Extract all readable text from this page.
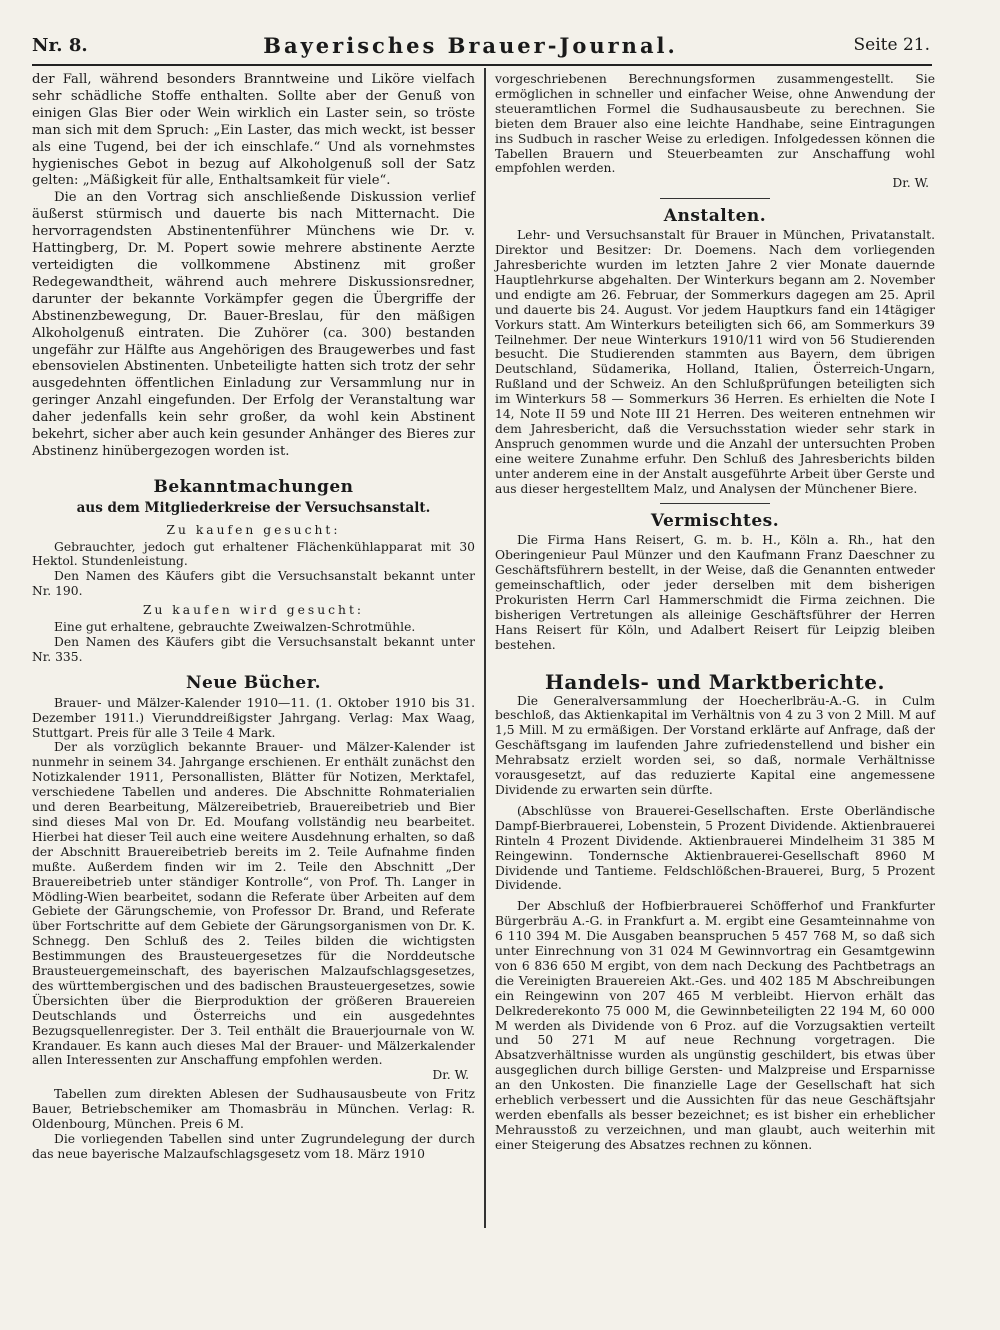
Nr. 8.	Bayerisches Brauer-Journal.	Seite 21.

der Fall, während besonders Branntweine und Liköre vielfach sehr schädliche Stoffe enthalten. Sollte aber der Genuß von einigen Glas Bier oder Wein wirklich ein Laster sein, so tröste man sich mit dem Spruch: „Ein Laster, das mich weckt, ist besser als eine Tugend, bei der ich einschlafe.“ Und als vornehmstes hygienisches Gebot in bezug auf Alkoholgenuß soll der Satz gelten: „Mäßigkeit für alle, Enthaltsamkeit für viele“.

Die an den Vortrag sich anschließende Diskussion verlief äußerst stürmisch und dauerte bis nach Mitternacht. Die hervorragendsten Abstinentenführer Münchens wie Dr. v. Hattingberg, Dr. M. Popert sowie mehrere abstinente Aerzte verteidigten die vollkommene Abstinenz mit großer Redegewandtheit, während auch mehrere Diskussionsredner, darunter der bekannte Vorkämpfer gegen die Übergriffe der Abstinenzbewegung, Dr. Bauer-Breslau, für den mäßigen Alkoholgenuß eintraten. Die Zuhörer (ca. 300) bestanden ungefähr zur Hälfte aus Angehörigen des Braugewerbes und fast ebensovielen Abstinenten. Unbeteiligte hatten sich trotz der sehr ausgedehnten öffentlichen Einladung zur Versammlung nur in geringer Anzahl eingefunden. Der Erfolg der Veranstaltung war daher jedenfalls kein sehr großer, da wohl kein Abstinent bekehrt, sicher aber auch kein gesunder Anhänger des Bieres zur Abstinenz hinübergezogen worden ist.

Bekanntmachungen
aus dem Mitgliederkreise der Versuchsanstalt.
Zu kaufen gesucht:

Gebrauchter, jedoch gut erhaltener Flächenkühlapparat mit 30 Hektol. Stundenleistung.

Den Namen des Käufers gibt die Versuchsanstalt bekannt unter Nr. 190.

Zu kaufen wird gesucht:

Eine gut erhaltene, gebrauchte Zweiwalzen-Schrotmühle.

Den Namen des Käufers gibt die Versuchsanstalt bekannt unter Nr. 335.

Neue Bücher.

Brauer- und Mälzer-Kalender 1910—11. (1. Oktober 1910 bis 31. Dezember 1911.) Vierunddreißigster Jahrgang. Verlag: Max Waag, Stuttgart. Preis für alle 3 Teile 4 Mark.

Der als vorzüglich bekannte Brauer- und Mälzer-Kalender ist nunmehr in seinem 34. Jahrgange erschienen. Er enthält zunächst den Notizkalender 1911, Personallisten, Blätter für Notizen, Merktafel, verschiedene Tabellen und anderes. Die Abschnitte Rohmaterialien und deren Bearbeitung, Mälzereibetrieb, Brauereibetrieb und Bier sind dieses Mal von Dr. Ed. Moufang vollständig neu bearbeitet. Hierbei hat dieser Teil auch eine weitere Ausdehnung erhalten, so daß der Abschnitt Brauereibetrieb bereits im 2. Teile Aufnahme finden mußte. Außerdem finden wir im 2. Teile den Abschnitt „Der Brauereibetrieb unter ständiger Kontrolle“, von Prof. Th. Langer in Mödling-Wien bearbeitet, sodann die Referate über Arbeiten auf dem Gebiete der Gärungschemie, von Professor Dr. Brand, und Referate über Fortschritte auf dem Gebiete der Gärungsorganismen von Dr. K. Schnegg. Den Schluß des 2. Teiles bilden die wichtigsten Bestimmungen des Brausteuergesetzes für die Norddeutsche Brausteuergemeinschaft, des bayerischen Malzaufschlagsgesetzes, des württembergischen und des badischen Brausteuergesetzes, sowie Übersichten über die Bierproduktion der größeren Brauereien Deutschlands und Österreichs und ein ausgedehntes Bezugsquellenregister. Der 3. Teil enthält die Brauerjournale von W. Krandauer. Es kann auch dieses Mal der Brauer- und Mälzerkalender allen Interessenten zur Anschaffung empfohlen werden.

Dr. W.

Tabellen zum direkten Ablesen der Sudhausausbeute von Fritz Bauer, Betriebschemiker am Thomasbräu in München. Verlag: R. Oldenbourg, München. Preis 6 M.

Die vorliegenden Tabellen sind unter Zugrundelegung der durch das neue bayerische Malzaufschlagsgesetz vom 18. März 1910

vorgeschriebenen Berechnungsformen zusammengestellt. Sie ermöglichen in schneller und einfacher Weise, ohne Anwendung der steueramtlichen Formel die Sudhausausbeute zu berechnen. Sie bieten dem Brauer also eine leichte Handhabe, seine Eintragungen ins Sudbuch in rascher Weise zu erledigen. Infolgedessen können die Tabellen Brauern und Steuerbeamten zur Anschaffung wohl empfohlen werden.

Dr. W.
Anstalten.

Lehr- und Versuchsanstalt für Brauer in München, Privatanstalt. Direktor und Besitzer: Dr. Doemens. Nach dem vorliegenden Jahresberichte wurden im letzten Jahre 2 vier Monate dauernde Hauptlehrkurse abgehalten. Der Winterkurs begann am 2. November und endigte am 26. Februar, der Sommerkurs dagegen am 25. April und dauerte bis 24. August. Vor jedem Hauptkurs fand ein 14tägiger Vorkurs statt. Am Winterkurs beteiligten sich 66, am Sommerkurs 39 Teilnehmer. Der neue Winterkurs 1910/11 wird von 56 Studierenden besucht. Die Studierenden stammten aus Bayern, dem übrigen Deutschland, Südamerika, Holland, Italien, Österreich-Ungarn, Rußland und der Schweiz. An den Schlußprüfungen beteiligten sich im Winterkurs 58 — Sommerkurs 36 Herren. Es erhielten die Note I 14, Note II 59 und Note III 21 Herren. Des weiteren entnehmen wir dem Jahresbericht, daß die Versuchsstation wieder sehr stark in Anspruch genommen wurde und die Anzahl der untersuchten Proben eine weitere Zunahme erfuhr. Den Schluß des Jahresberichts bilden unter anderem eine in der Anstalt ausgeführte Arbeit über Gerste und aus dieser hergestelltem Malz, und Analysen der Münchener Biere.

Vermischtes.

Die Firma Hans Reisert, G. m. b. H., Köln a. Rh., hat den Oberingenieur Paul Münzer und den Kaufmann Franz Daeschner zu Geschäftsführern bestellt, in der Weise, daß die Genannten entweder gemeinschaftlich, oder jeder derselben mit dem bisherigen Prokuristen Herrn Carl Hammerschmidt die Firma zeichnen. Die bisherigen Vertretungen als alleinige Geschäftsführer der Herren Hans Reisert für Köln, und Adalbert Reisert für Leipzig bleiben bestehen.

Handels- und Marktberichte.

Die Generalversammlung der Hoecherlbräu-A.-G. in Culm beschloß, das Aktienkapital im Verhältnis von 4 zu 3 von 2 Mill. M auf 1,5 Mill. M zu ermäßigen. Der Vorstand erklärte auf Anfrage, daß der Geschäftsgang im laufenden Jahre zufriedenstellend und bisher ein Mehrabsatz erzielt worden sei, so daß, normale Verhältnisse vorausgesetzt, auf das reduzierte Kapital eine angemessene Dividende zu erwarten sein dürfte.

(Abschlüsse von Brauerei-Gesellschaften. Erste Oberländische Dampf-Bierbrauerei, Lobenstein, 5 Prozent Dividende. Aktienbrauerei Rinteln 4 Prozent Dividende. Aktienbrauerei Mindelheim 31 385 M Reingewinn. Tondernsche Aktienbrauerei-Gesellschaft 8960 M Dividende und Tantieme. Feldschlößchen-Brauerei, Burg, 5 Prozent Dividende.

Der Abschluß der Hofbierbrauerei Schöfferhof und Frankfurter Bürgerbräu A.-G. in Frankfurt a. M. ergibt eine Gesamteinnahme von 6 110 394 M. Die Ausgaben beanspruchen 5 457 768 M, so daß sich unter Einrechnung von 31 024 M Gewinnvortrag ein Gesamtgewinn von 6 836 650 M ergibt, von dem nach Deckung des Pachtbetrags an die Vereinigten Brauereien Akt.-Ges. und 402 185 M Abschreibungen ein Reingewinn von 207 465 M verbleibt. Hiervon erhält das Delkrederekonto 75 000 M, die Gewinnbeteiligten 22 194 M, 60 000 M werden als Dividende von 6 Proz. auf die Vorzugsaktien verteilt und 50 271 M auf neue Rechnung vorgetragen. Die Absatzverhältnisse wurden als ungünstig geschildert, bis etwas über ausgeglichen durch billige Gersten- und Malzpreise und Ersparnisse an den Unkosten. Die finanzielle Lage der Gesellschaft hat sich erheblich verbessert und die Aussichten für das neue Geschäftsjahr werden ebenfalls als besser bezeichnet; es ist bisher ein erheblicher Mehrausstoß zu verzeichnen, und man glaubt, auch weiterhin mit einer Steigerung des Absatzes rechnen zu können.
